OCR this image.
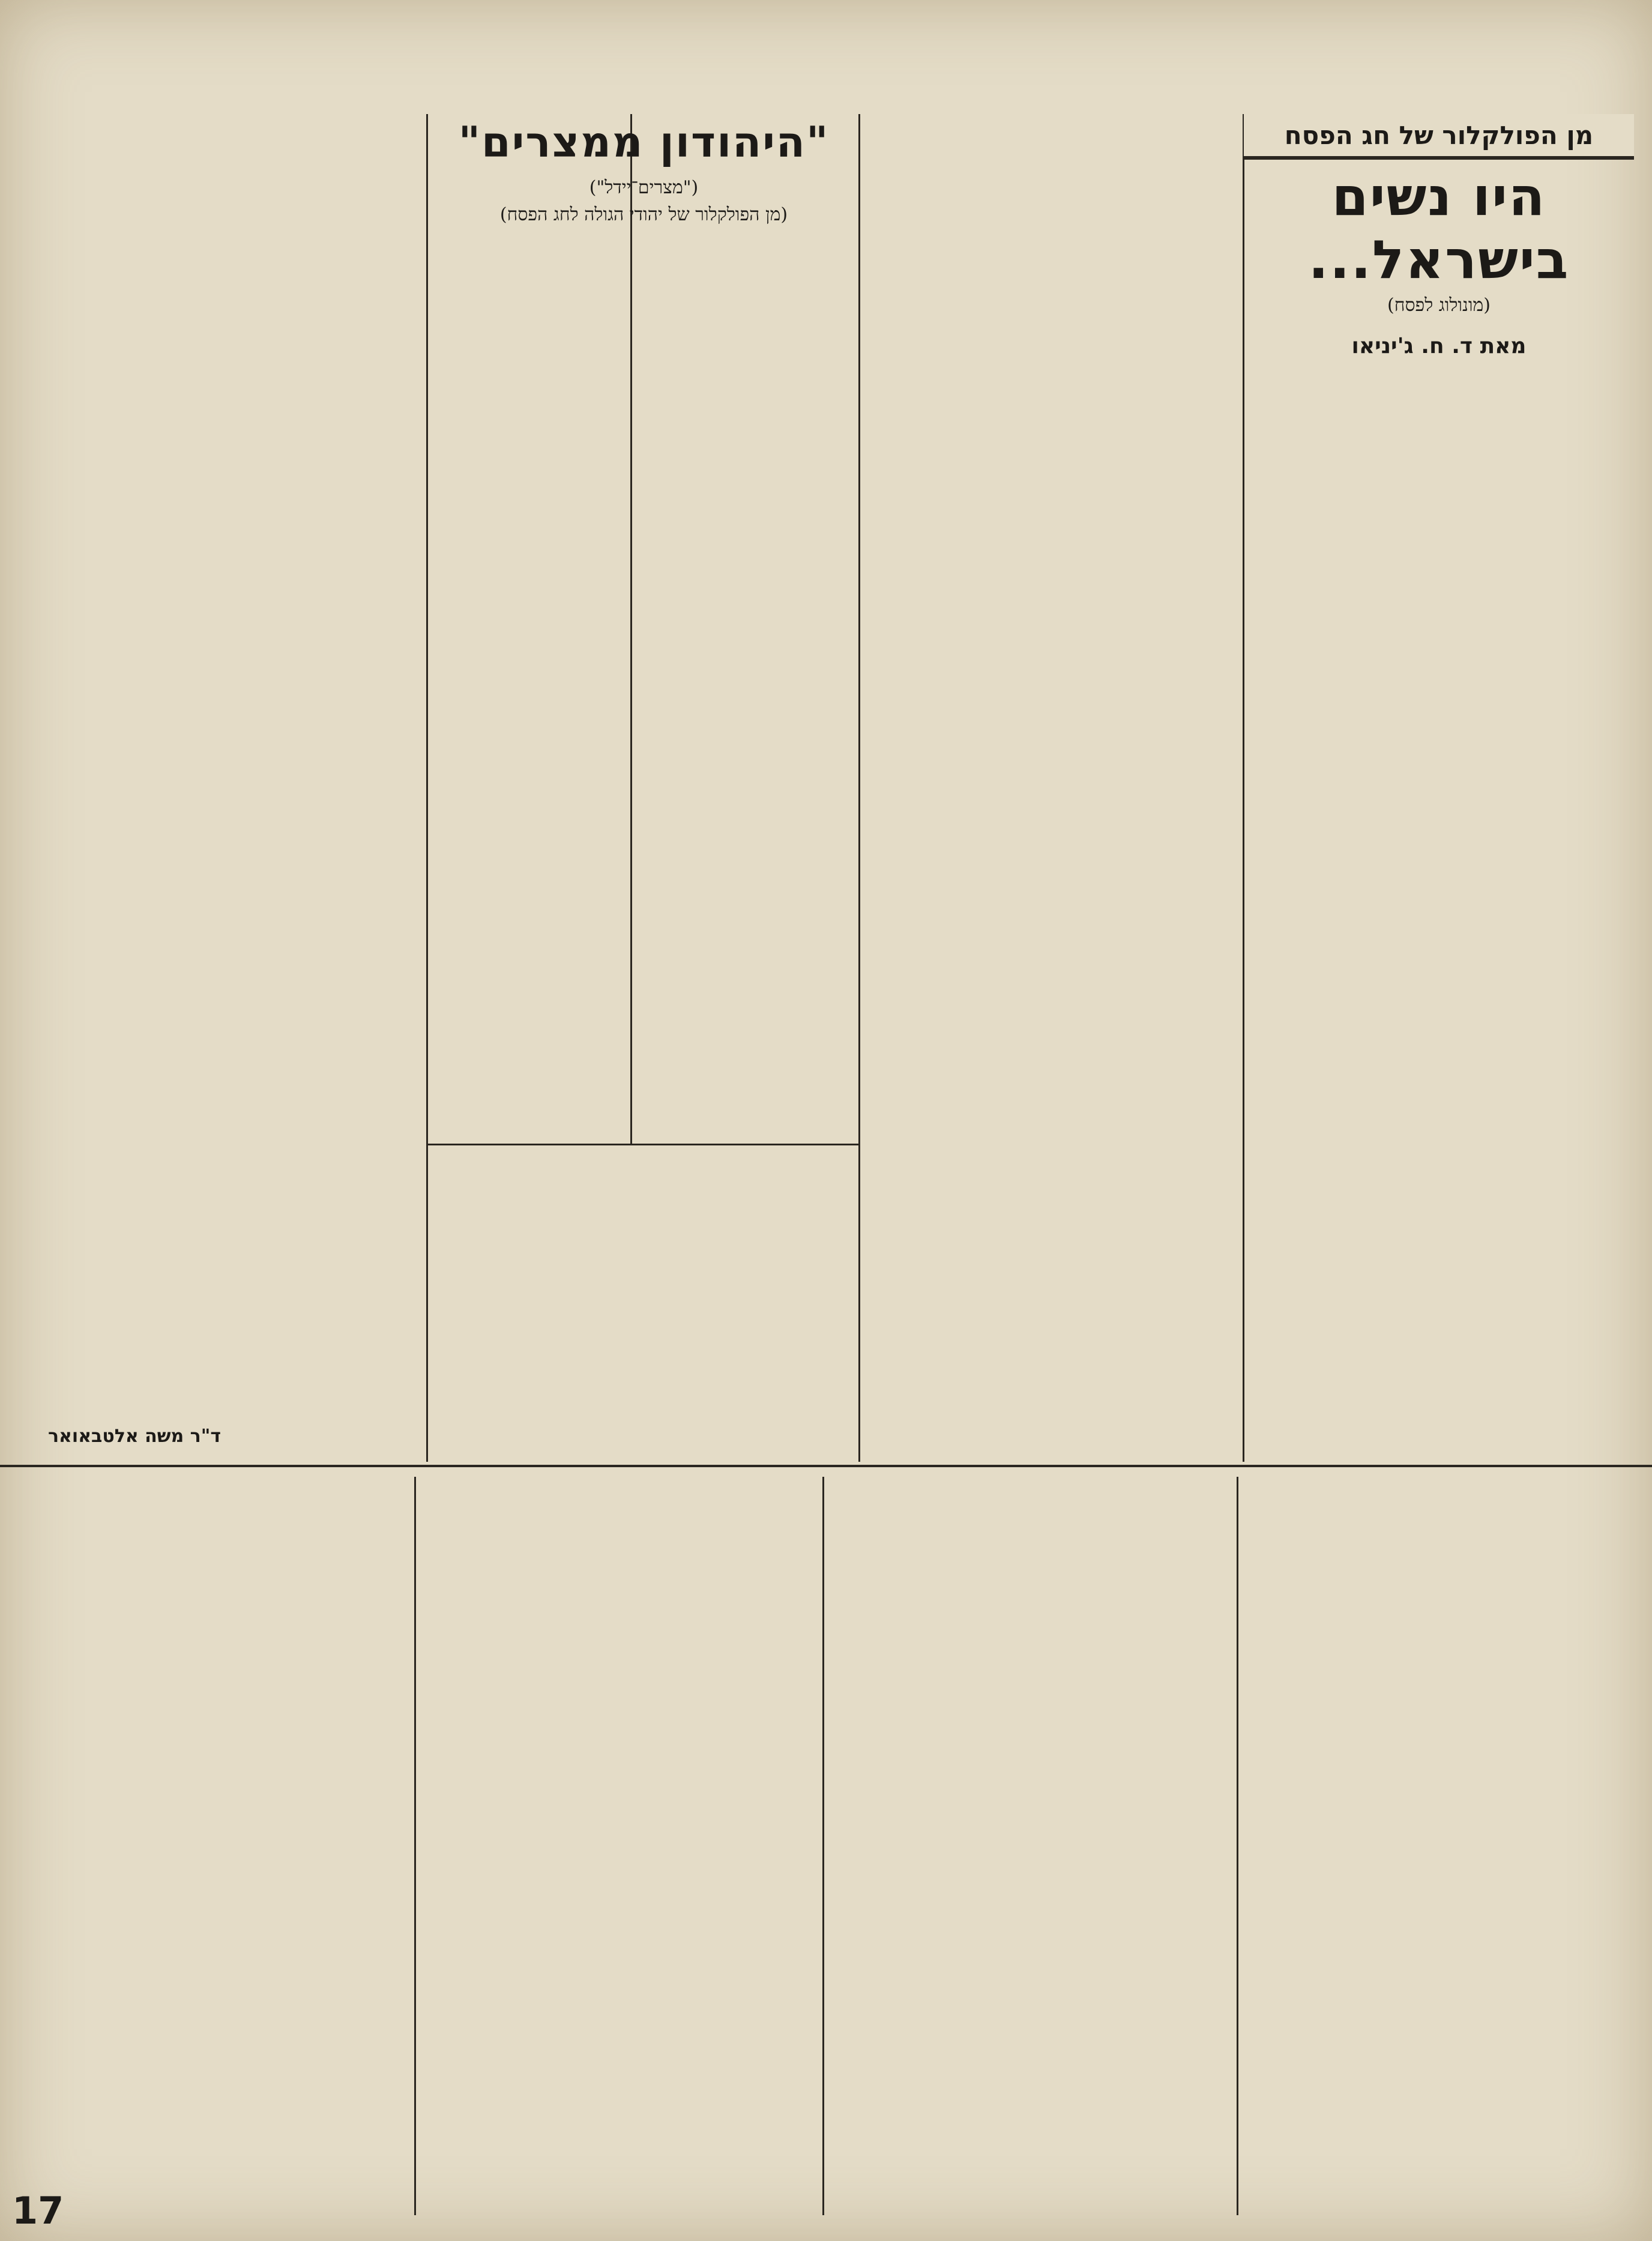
מן הפולקלור של חג הפסח
היו נשים בישראל...
(מונולוג לפסח)
מאת ד. ח. ג'יניאו
"היהודון ממצרים"
("מצרים־יידל")
(מן הפולקלור של יהודי הגולה לחג הפסח)
ד"ר משה אלטבאואר
17
